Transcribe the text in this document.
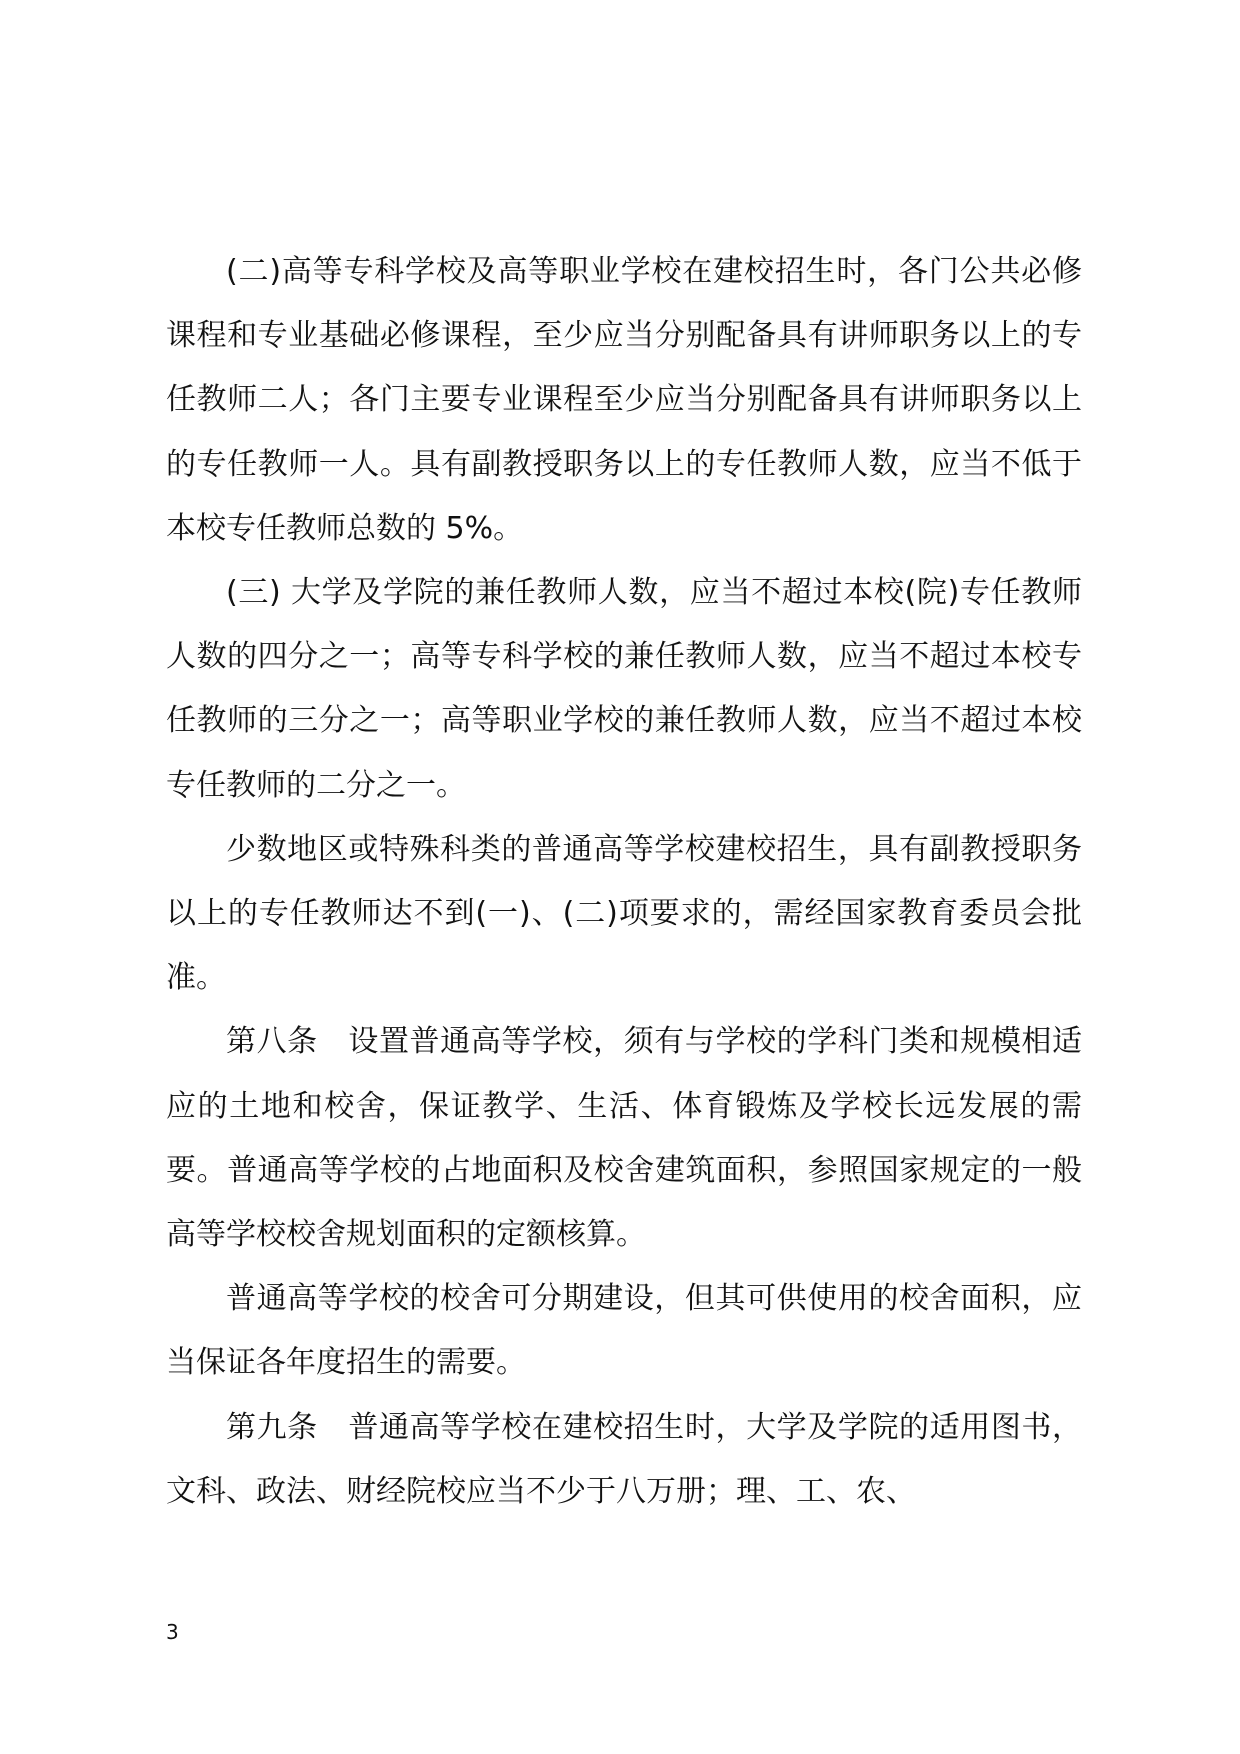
(二)高等专科学校及高等职业学校在建校招生时，各门公共必修课程和专业基础必修课程，至少应当分别配备具有讲师职务以上的专任教师二人；各门主要专业课程至少应当分别配备具有讲师职务以上的专任教师一人。具有副教授职务以上的专任教师人数，应当不低于本校专任教师总数的 5%。

(三) 大学及学院的兼任教师人数，应当不超过本校(院)专任教师人数的四分之一；高等专科学校的兼任教师人数，应当不超过本校专任教师的三分之一；高等职业学校的兼任教师人数，应当不超过本校专任教师的二分之一。

少数地区或特殊科类的普通高等学校建校招生，具有副教授职务以上的专任教师达不到(一)、(二)项要求的，需经国家教育委员会批准。

第八条　设置普通高等学校，须有与学校的学科门类和规模相适应的土地和校舍，保证教学、生活、体育锻炼及学校长远发展的需要。普通高等学校的占地面积及校舍建筑面积，参照国家规定的一般高等学校校舍规划面积的定额核算。

普通高等学校的校舍可分期建设，但其可供使用的校舍面积，应当保证各年度招生的需要。

第九条　普通高等学校在建校招生时，大学及学院的适用图书，文科、政法、财经院校应当不少于八万册；理、工、农、

3
